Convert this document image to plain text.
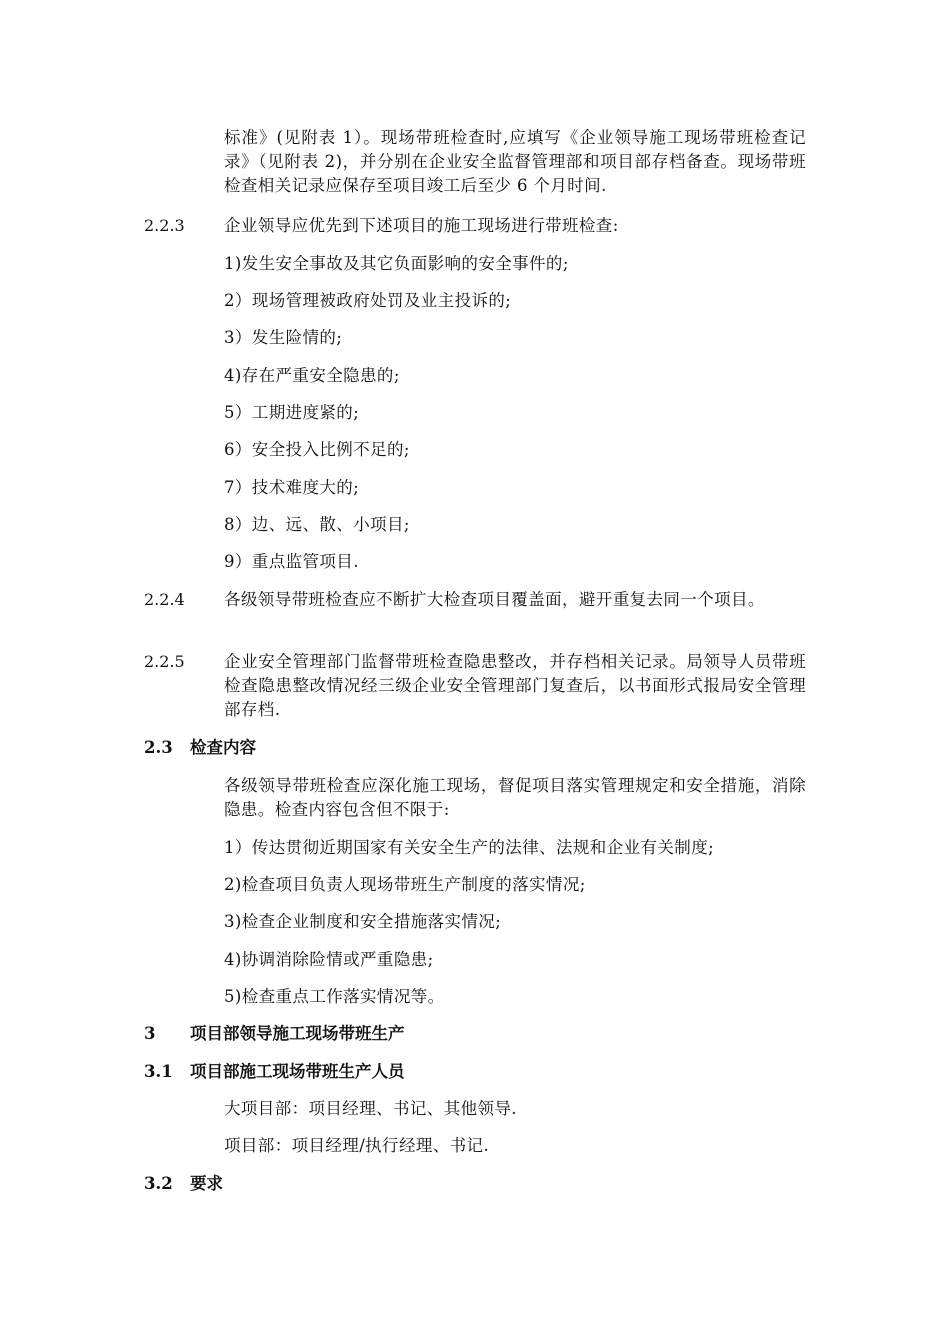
标准》(见附表 1）。现场带班检查时,应填写《企业领导施工现场带班检查记录》（见附表 2)，并分别在企业安全监督管理部和项目部存档备查。现场带班检查相关记录应保存至项目竣工后至少 6 个月时间.

2.2.3 企业领导应优先到下述项目的施工现场进行带班检查:

1)发生安全事故及其它负面影响的安全事件的;

2）现场管理被政府处罚及业主投诉的;

3）发生险情的;

4)存在严重安全隐患的;

5）工期进度紧的;

6）安全投入比例不足的;

7）技术难度大的;

8）边、远、散、小项目;

9）重点监管项目.

2.2.4 各级领导带班检查应不断扩大检查项目覆盖面，避开重复去同一个项目。

2.2.5 企业安全管理部门监督带班检查隐患整改，并存档相关记录。局领导人员带班检查隐患整改情况经三级企业安全管理部门复查后，以书面形式报局安全管理部存档.

2.3 检查内容

各级领导带班检查应深化施工现场，督促项目落实管理规定和安全措施，消除隐患。检查内容包含但不限于:

1）传达贯彻近期国家有关安全生产的法律、法规和企业有关制度;

2)检查项目负责人现场带班生产制度的落实情况;

3)检查企业制度和安全措施落实情况;

4)协调消除险情或严重隐患;

5)检查重点工作落实情况等。

3 项目部领导施工现场带班生产

3.1 项目部施工现场带班生产人员

大项目部：项目经理、书记、其他领导.

项目部：项目经理/执行经理、书记.

3.2 要求
